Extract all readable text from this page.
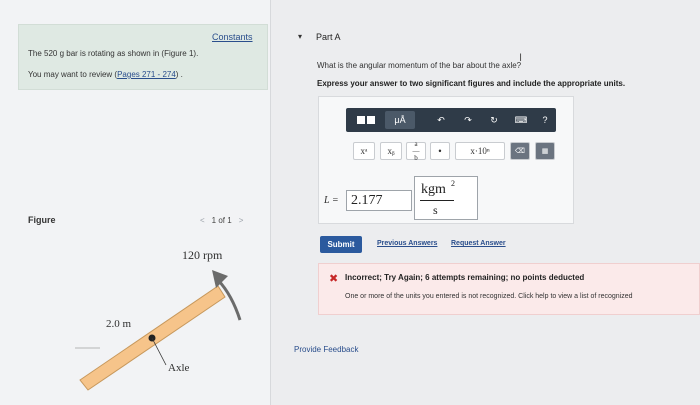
Constants
The 520 g bar is rotating as shown in (Figure 1).
You may want to review (Pages 271 - 274) .
Figure	< 1 of 1 >
120 rpm
2.0 m
Axle
▾ Part A
What is the angular momentum of the bar about the axle?
I
Express your answer to two significant figures and include the appropriate units.
μÅ	↶	↷	↻	⌨	?
xᵃ	xᵦ
a
—
b
•	x·10ⁿ	⌫	▦
L = 2.177
kgm 2
s
Submit	Previous Answers Request Answer
✖ Incorrect; Try Again; 6 attempts remaining; no points deducted
One or more of the units you entered is not recognized. Click help to view a list of recognized
Provide Feedback
